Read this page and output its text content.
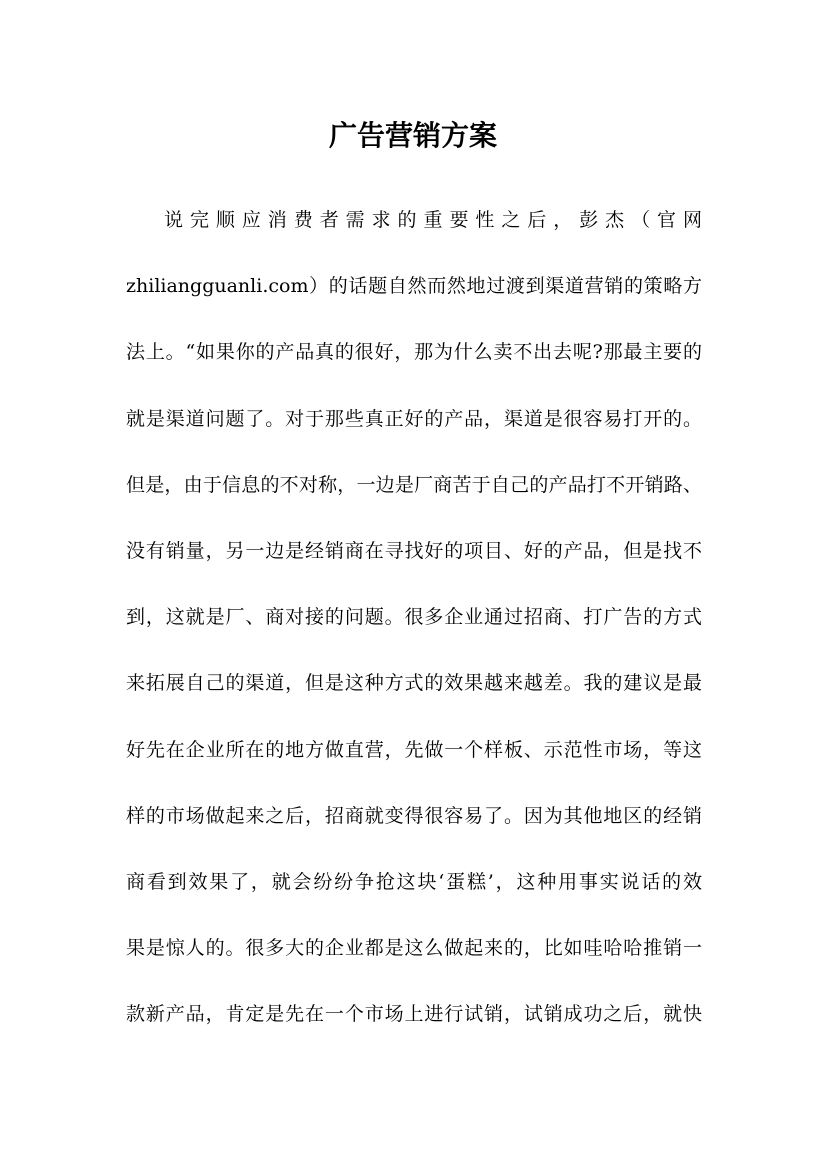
广告营销方案
说完顺应消费者需求的重要性之后，彭杰（官网
zhiliangguanli.com）的话题自然而然地过渡到渠道营销的策略方
法上。“如果你的产品真的很好，那为什么卖不出去呢?那最主要的
就是渠道问题了。对于那些真正好的产品，渠道是很容易打开的。
但是，由于信息的不对称，一边是厂商苦于自己的产品打不开销路、
没有销量，另一边是经销商在寻找好的项目、好的产品，但是找不
到，这就是厂、商对接的问题。很多企业通过招商、打广告的方式
来拓展自己的渠道，但是这种方式的效果越来越差。我的建议是最
好先在企业所在的地方做直营，先做一个样板、示范性市场，等这
样的市场做起来之后，招商就变得很容易了。因为其他地区的经销
商看到效果了，就会纷纷争抢这块‘蛋糕’，这种用事实说话的效
果是惊人的。很多大的企业都是这么做起来的，比如哇哈哈推销一
款新产品，肯定是先在一个市场上进行试销，试销成功之后，就快
